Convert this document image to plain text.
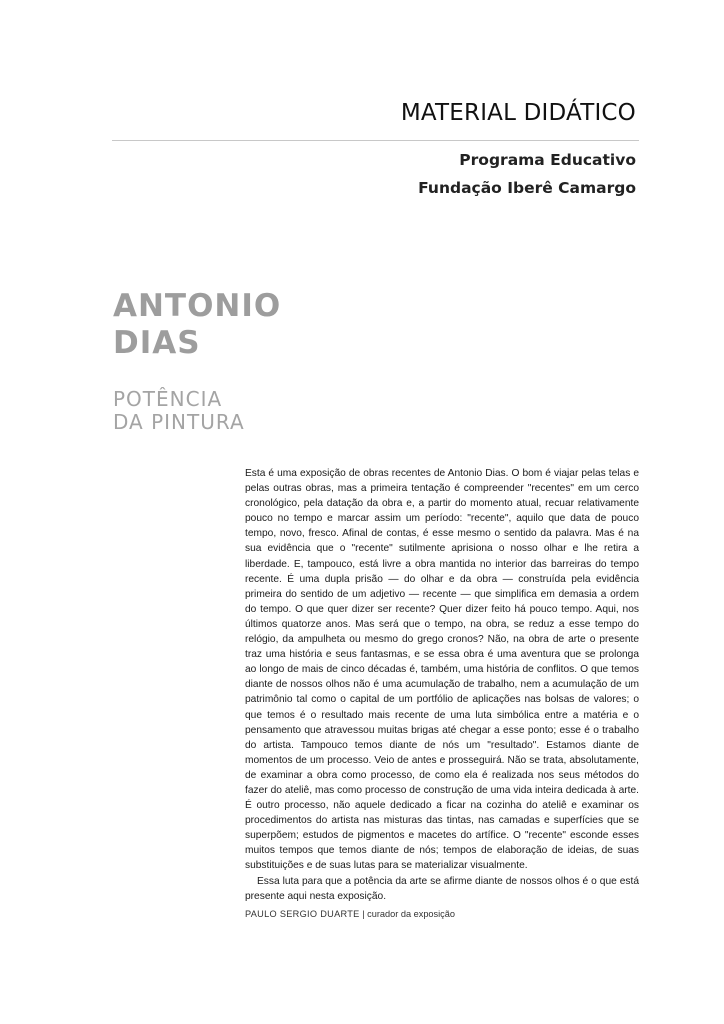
MATERIAL DIDÁTICO
Programa Educativo
Fundação Iberê Camargo
ANTONIO
DIAS
POTÊNCIA
DA PINTURA

Esta é uma exposição de obras recentes de Antonio Dias. O bom é viajar pelas telas e pelas outras obras, mas a primeira tentação é compreender "recentes" em um cerco cronológico, pela datação da obra e, a partir do momento atual, recuar relativamente pouco no tempo e marcar assim um período: "recente", aquilo que data de pouco tempo, novo, fresco. Afinal de contas, é esse mesmo o sentido da palavra. Mas é na sua evidência que o "recente" sutilmente aprisiona o nosso olhar e lhe retira a liberdade. E, tampouco, está livre a obra mantida no interior das barreiras do tempo recente. É uma dupla prisão — do olhar e da obra — construída pela evidência primeira do sentido de um adjetivo — recente — que simplifica em demasia a ordem do tempo. O que quer dizer ser recente? Quer dizer feito há pouco tempo. Aqui, nos últimos quatorze anos. Mas será que o tempo, na obra, se reduz a esse tempo do relógio, da ampulheta ou mesmo do grego cronos? Não, na obra de arte o presente traz uma história e seus fantasmas, e se essa obra é uma aventura que se prolonga ao longo de mais de cinco décadas é, também, uma história de conflitos. O que temos diante de nossos olhos não é uma acumulação de trabalho, nem a acumulação de um patrimônio tal como o capital de um portfólio de aplicações nas bolsas de valores; o que temos é o resultado mais recente de uma luta simbólica entre a matéria e o pensamento que atravessou muitas brigas até chegar a esse ponto; esse é o trabalho do artista. Tampouco temos diante de nós um "resultado". Estamos diante de momentos de um processo. Veio de antes e prosseguirá. Não se trata, absolutamente, de examinar a obra como processo, de como ela é realizada nos seus métodos do fazer do ateliê, mas como processo de construção de uma vida inteira dedicada à arte. É outro processo, não aquele dedicado a ficar na cozinha do ateliê e examinar os procedimentos do artista nas misturas das tintas, nas camadas e superfícies que se superpõem; estudos de pigmentos e macetes do artífice. O "recente" esconde esses muitos tempos que temos diante de nós; tempos de elaboração de ideias, de suas substituições e de suas lutas para se materializar visualmente.

Essa luta para que a potência da arte se afirme diante de nossos olhos é o que está presente aqui nesta exposição.

PAULO SERGIO DUARTE | curador da exposição
